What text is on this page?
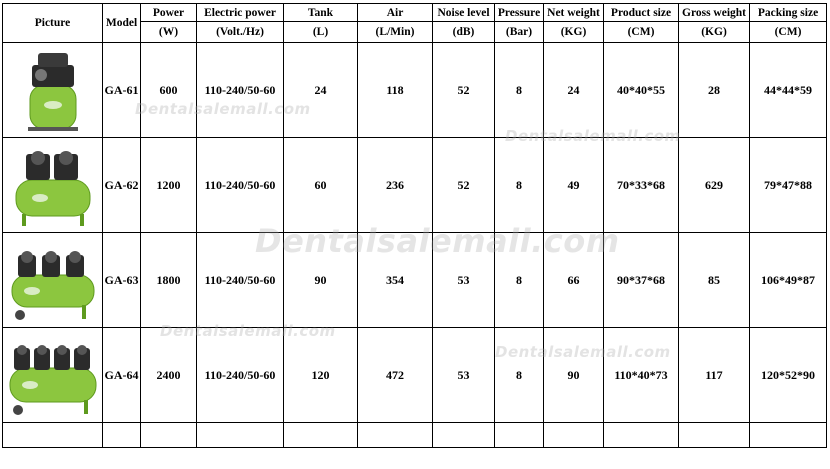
Picture	Model	Power	Electric power	Tank	Air	Noise level	Pressure	Net weight	Product size	Gross weight	Packing size
		(W)	(Volt./Hz)	(L)	(L/Min)	(dB)	(Bar)	(KG)	(CM)	(KG)	(CM)

	GA-61	600	110-240/50-60	24	118	52	8	24	40*40*55	28	44*44*59

	GA-62	1200	110-240/50-60	60	236	52	8	49	70*33*68	629	79*47*88

	GA-63	1800	110-240/50-60	90	354	53	8	66	90*37*68	85	106*49*87

	GA-64	2400	110-240/50-60	120	472	53	8	90	110*40*73	117	120*52*90

Dentalsalemall.com
Dentalsalemall.com
Dentalsalemall.com
Dentalsalemall.com
Dentalsalemall.com
